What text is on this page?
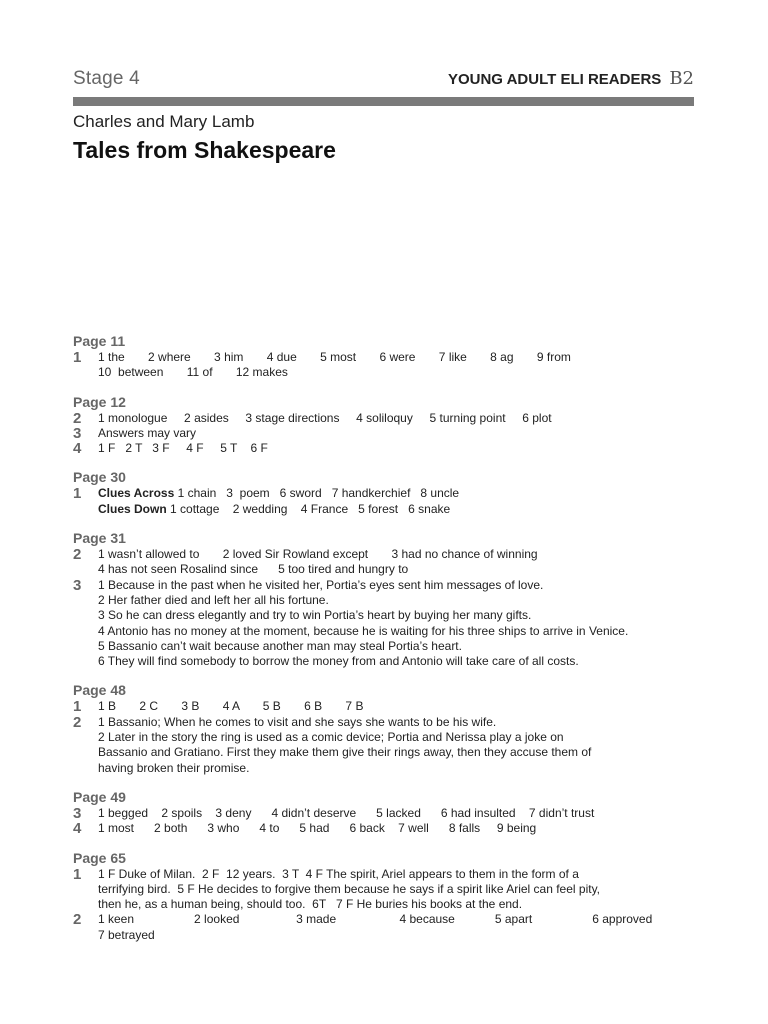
Stage 4	YOUNG ADULT ELI READERS B2
Charles and Mary Lamb
Tales from Shakespeare
Page 11
1	1 the       2 where       3 him       4 due       5 most       6 were       7 like       8 ag       9 from
10  between       11 of       12 makes
Page 12
2	1 monologue     2 asides     3 stage directions     4 soliloquy     5 turning point     6 plot
3	Answers may vary
4	1 F   2 T   3 F     4 F     5 T    6 F
Page 30
1	Clues Across 1 chain   3  poem   6 sword   7 handkerchief   8 uncle
Clues Down 1 cottage    2 wedding    4 France   5 forest   6 snake
Page 31
2	1 wasn’t allowed to       2 loved Sir Rowland except       3 had no chance of winning
4 has not seen Rosalind since      5 too tired and hungry to
3	1 Because in the past when he visited her, Portia’s eyes sent him messages of love.
2 Her father died and left her all his fortune.
3 So he can dress elegantly and try to win Portia’s heart by buying her many gifts.
4 Antonio has no money at the moment, because he is waiting for his three ships to arrive in Venice.
5 Bassanio can’t wait because another man may steal Portia’s heart.
6 They will find somebody to borrow the money from and Antonio will take care of all costs.
Page 48
1	1 B       2 C       3 B       4 A       5 B       6 B       7 B
2	1 Bassanio; When he comes to visit and she says she wants to be his wife.
2 Later in the story the ring is used as a comic device; Portia and Nerissa play a joke on
Bassanio and Gratiano. First they make them give their rings away, then they accuse them of
having broken their promise.
Page 49
3	1 begged    2 spoils    3 deny      4 didn’t deserve      5 lacked      6 had insulted    7 didn’t trust
4	1 most      2 both      3 who      4 to      5 had      6 back    7 well      8 falls     9 being
Page 65
1	1 F Duke of Milan.  2 F  12 years.  3 T  4 F The spirit, Ariel appears to them in the form of a
terrifying bird.  5 F He decides to forgive them because he says if a spirit like Ariel can feel pity,
then he, as a human being, should too.  6T   7 F He buries his books at the end.
2	1 keen                  2 looked                 3 made                   4 because            5 apart                  6 approved
7 betrayed
